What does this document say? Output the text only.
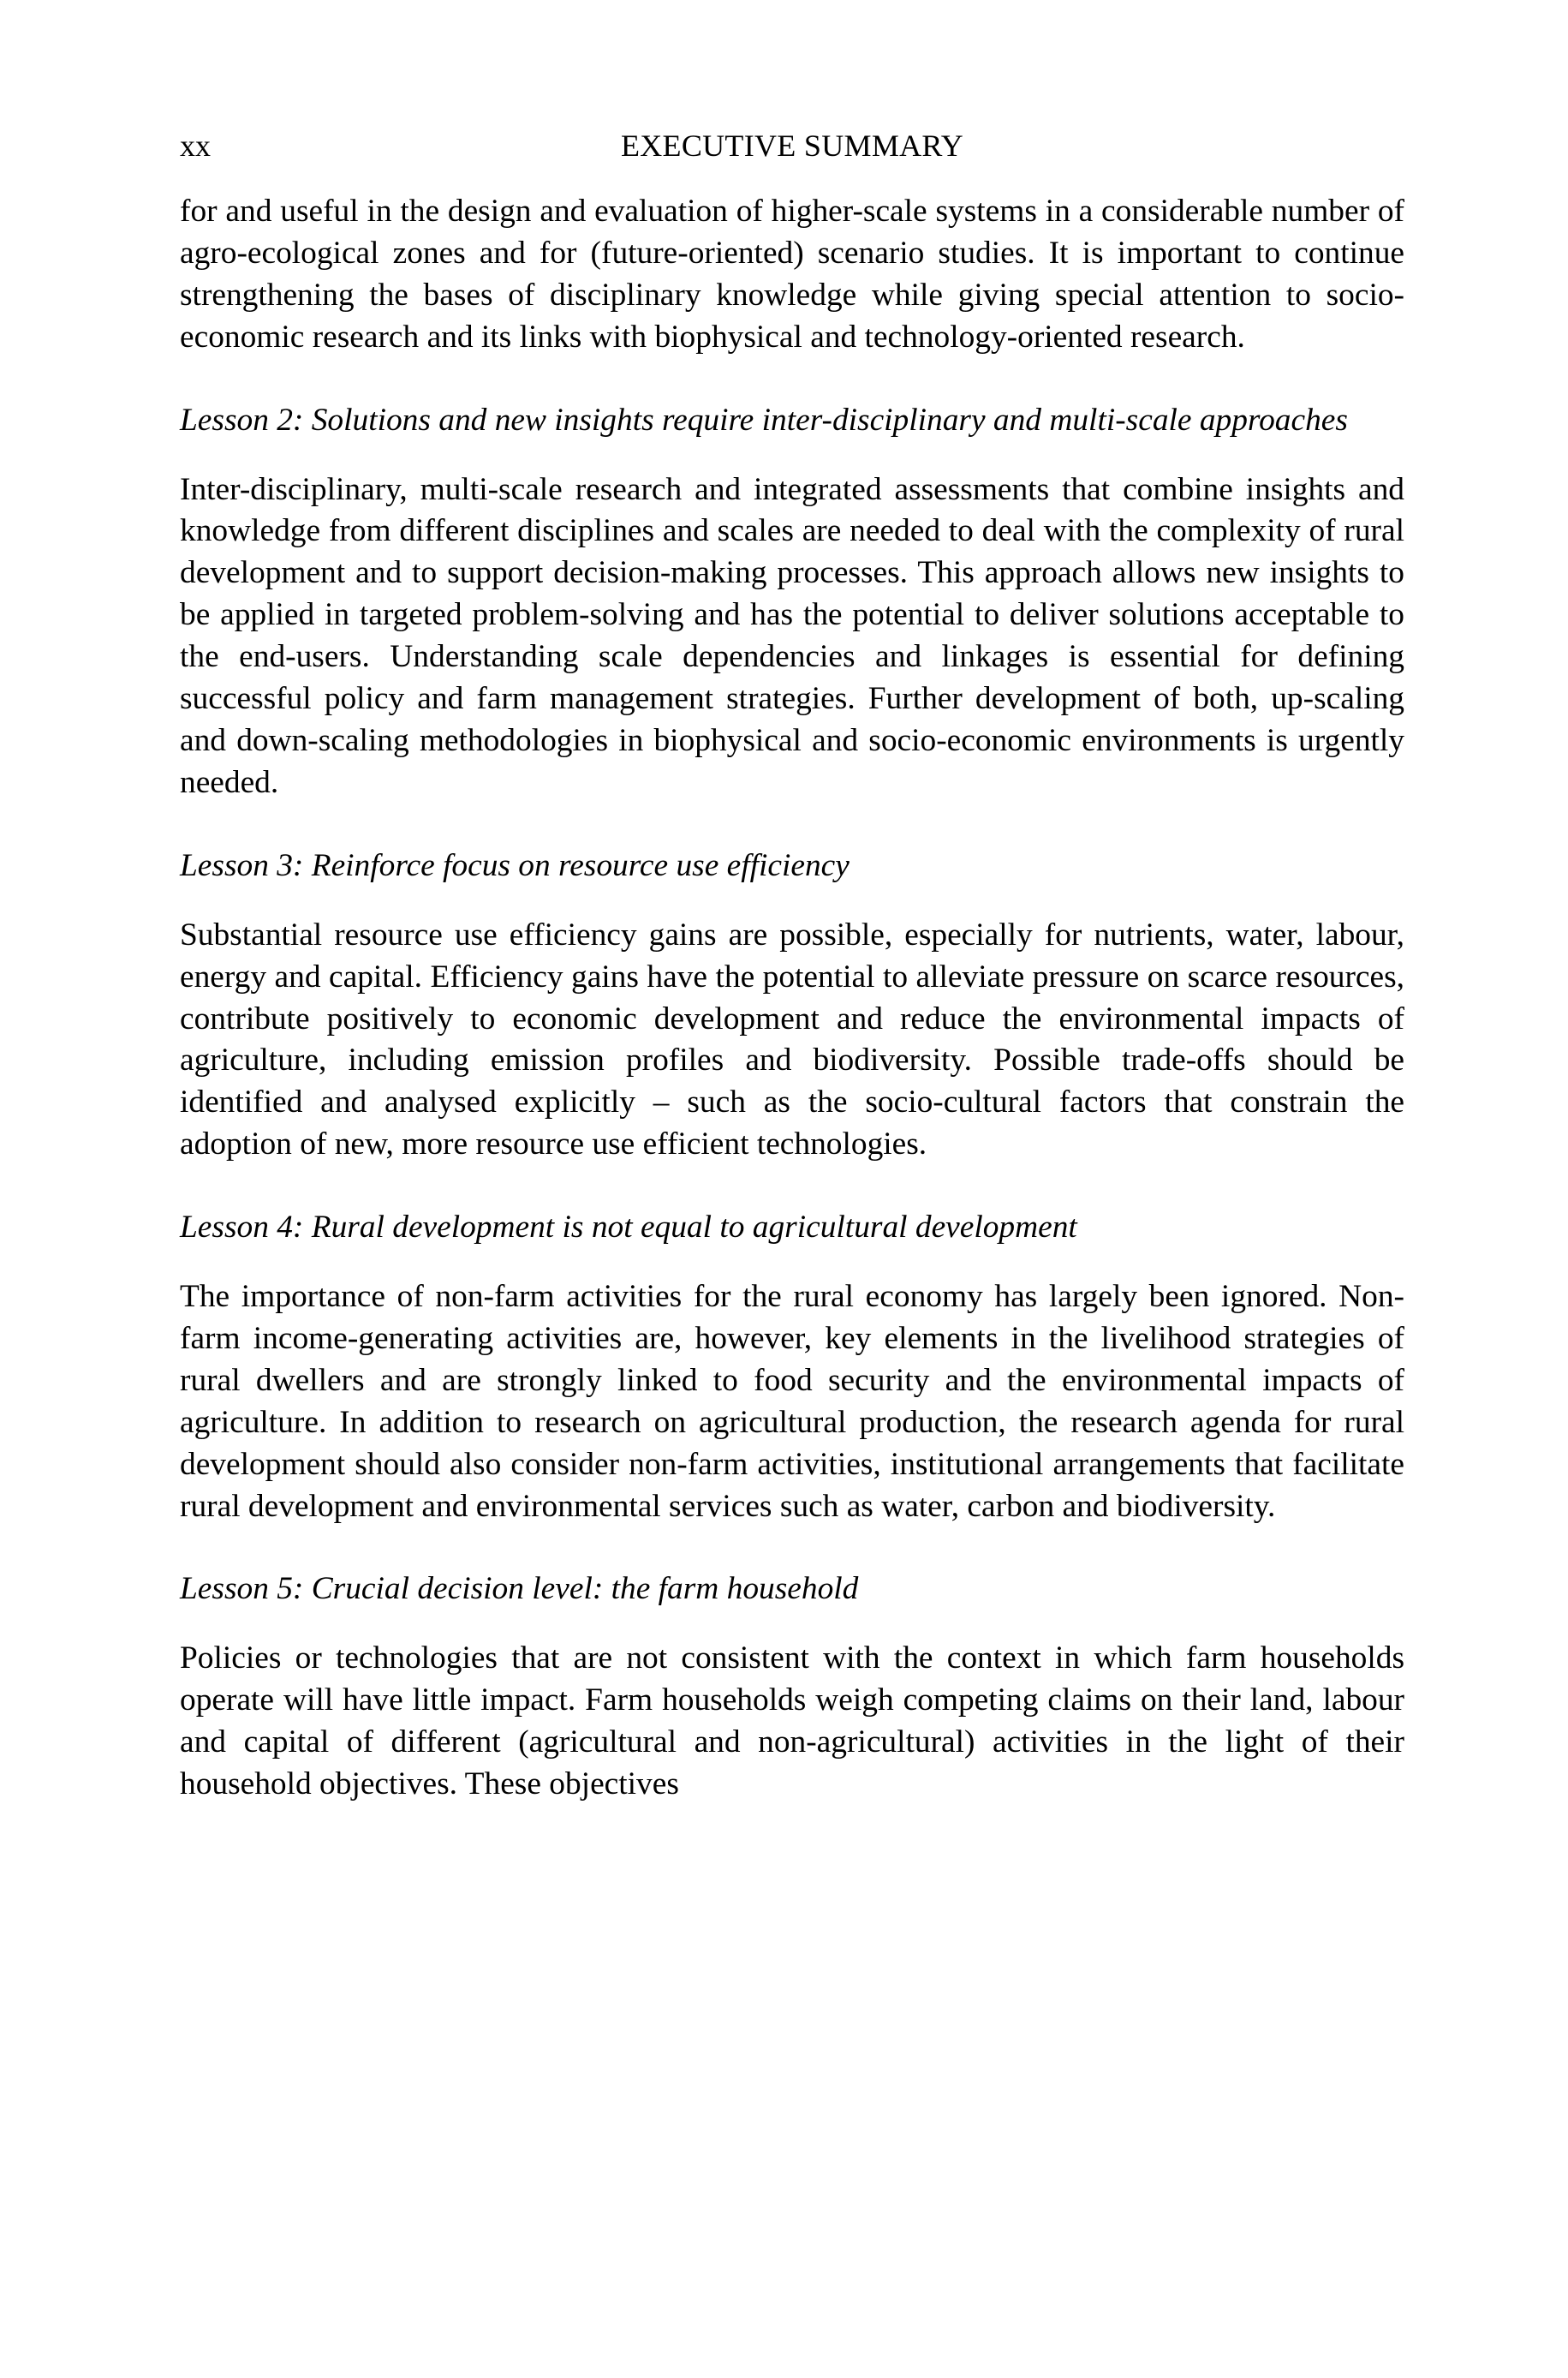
xx	EXECUTIVE SUMMARY

for and useful in the design and evaluation of higher-scale systems in a considerable number of agro-ecological zones and for (future-oriented) scenario studies. It is important to continue strengthening the bases of disciplinary knowledge while giving special attention to socio-economic research and its links with biophysical and technology-oriented research.

Lesson 2: Solutions and new insights require inter-disciplinary and multi-scale approaches

Inter-disciplinary, multi-scale research and integrated assessments that combine insights and knowledge from different disciplines and scales are needed to deal with the complexity of rural development and to support decision-making processes. This approach allows new insights to be applied in targeted problem-solving and has the potential to deliver solutions acceptable to the end-users. Understanding scale dependencies and linkages is essential for defining successful policy and farm management strategies. Further development of both, up-scaling and down-scaling methodologies in biophysical and socio-economic environments is urgently needed.

Lesson 3: Reinforce focus on resource use efficiency

Substantial resource use efficiency gains are possible, especially for nutrients, water, labour, energy and capital. Efficiency gains have the potential to alleviate pressure on scarce resources, contribute positively to economic development and reduce the environmental impacts of agriculture, including emission profiles and biodiversity. Possible trade-offs should be identified and analysed explicitly – such as the socio-cultural factors that constrain the adoption of new, more resource use efficient technologies.

Lesson 4: Rural development is not equal to agricultural development

The importance of non-farm activities for the rural economy has largely been ignored. Non-farm income-generating activities are, however, key elements in the livelihood strategies of rural dwellers and are strongly linked to food security and the environmental impacts of agriculture. In addition to research on agricultural production, the research agenda for rural development should also consider non-farm activities, institutional arrangements that facilitate rural development and environmental services such as water, carbon and biodiversity.

Lesson 5: Crucial decision level: the farm household

Policies or technologies that are not consistent with the context in which farm households operate will have little impact. Farm households weigh competing claims on their land, labour and capital of different (agricultural and non-agricultural) activities in the light of their household objectives. These objectives
